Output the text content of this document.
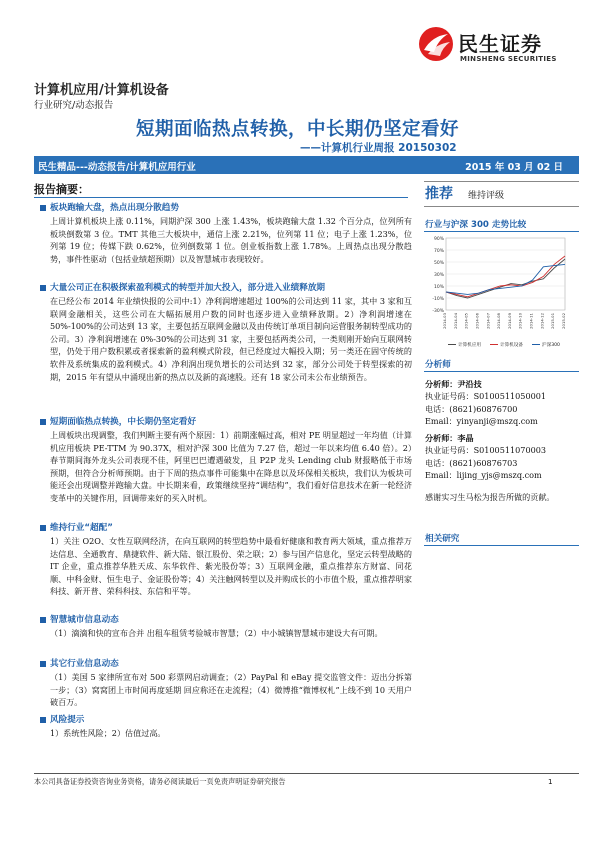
民生证券
MINSHENG SECURITIES
计算机应用/计算机设备
行业研究/动态报告
短期面临热点转换，中长期仍坚定看好
——计算机行业周报 20150302
民生精品---动态报告/计算机应用行业	2015 年 03 月 02 日
报告摘要：
板块跑输大盘，热点出现分散趋势
上周计算机板块上涨 0.11%，同期沪深 300 上涨 1.43%，板块跑输大盘 1.32 个百分点，位列所有板块倒数第 3 位。TMT 其他三大板块中，通信上涨 2.21%，位列第 11 位；电子上涨 1.23%，位列第 19 位；传媒下跌 0.62%，位列倒数第 1 位。创业板指数上涨 1.78%。上周热点出现分散趋势，事件性驱动（包括业绩超预期）以及智慧城市表现较好。
大量公司正在积极探索盈利模式的转型并加大投入，部分进入业绩释放期
在已经公布 2014 年业绩快报的公司中:1）净利润增速超过 100%的公司达到 11 家，其中 3 家和互联网金融相关，这些公司在大幅拓展用户数的同时也逐步进入业绩释放期。2）净利润增速在 50%-100%的公司达到 13 家，主要包括互联网金融以及由传统订单项目制向运营服务制转型成功的公司。3）净利润增速在 0%-30%的公司达到 31 家，主要包括两类公司，一类则刚开始向互联网转型，仍处于用户数积累或者探索新的盈利模式阶段，但已经度过大幅投入期；另一类还在固守传统的软件及系统集成的盈利模式。4）净利润出现负增长的公司达到 32 家，部分公司处于转型探索的初期，2015 年有望从中涌现出新的热点以及新的高速股。还有 18 家公司未公布业绩预告。
短期面临热点转换，中长期仍坚定看好
上周板块出现调整，我们判断主要有两个原因：1）前期涨幅过高，相对 PE 明显超过一年均值（计算机应用板块 PE-TTM 为 90.37X，相对沪深 300 比值为 7.27 倍，超过一年以来均值 6.40 倍）。2）春节期间海外龙头公司表现不佳，阿里巴巴遭遇破发，且 P2P 龙头 Lending club 财报略低于市场预期，但符合分析师预期。由于下周的热点事件可能集中在降息以及环保相关板块，我们认为板块可能还会出现调整并跑输大盘。中长期来看，政策继续坚持“调结构”，我们看好信息技术在新一轮经济变革中的关键作用，回调带来好的买入时机。
维持行业“超配”
1）关注 O2O、女性互联网经济，在向互联网的转型趋势中最看好健康和教育两大领域，重点推荐万达信息、全通教育、鼎捷软件、新大陆、银江股份、荣之联；2）参与国产信息化，坚定云转型战略的 IT 企业，重点推荐华胜天成、东华软件、紫光股份等；3）互联网金融，重点推荐东方财富、同花顺、中科金财、恒生电子、金证股份等；4）关注触网转型以及并购成长的小市值个股，重点推荐明家科技、新开普、荣科科技、东信和平等。
智慧城市信息动态
（1）滴滴和快的宣布合并 出租车租赁考验城市智慧；（2）中小城镇智慧城市建设大有可期。
其它行业信息动态
（1）美国 5 家律所宣布对 500 彩票网启动调查；（2）PayPal 和 eBay 提交监管文件：迈出分拆第一步；（3）窝窝团上市时间再度延期 回应称还在走流程；（4）微博推“微博权札”上线不到 10 天用户破百万。
风险提示
1）系统性风险；2）估值过高。
推荐 维持评级
行业与沪深 300 走势比较
90%
70%
50%
30%
10%
-10%
-30%
2014-03 2014-04 2014-05 2014-06 2014-07 2014-08 2014-09 2014-10 2014-11 2014-12 2015-01 2015-02
计算机应用	计算机设备	沪深300
分析师
分析师：尹沿技
执业证号码：S0100511050001
电话：(8621)60876700
Email：yinyanji@mszq.com
分析师：李晶
执业证号码：S0100511070003
电话：(8621)60876703
Email：lijing_yjs@mszq.com
感谢实习生马松为报告所做的贡献。
相关研究
本公司具备证券投资咨询业务资格，请务必阅读最后一页免责声明证券研究报告	1
